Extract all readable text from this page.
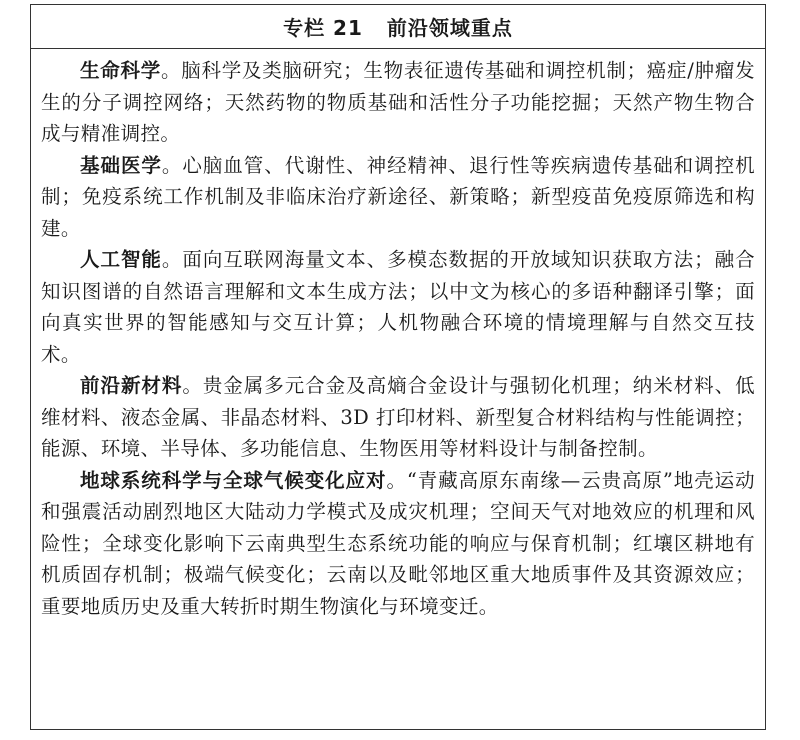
专栏 21 前沿领域重点

生命科学。脑科学及类脑研究；生物表征遗传基础和调控机制；癌症/肿瘤发生的分子调控网络；天然药物的物质基础和活性分子功能挖掘；天然产物生物合成与精准调控。

基础医学。心脑血管、代谢性、神经精神、退行性等疾病遗传基础和调控机制；免疫系统工作机制及非临床治疗新途径、新策略；新型疫苗免疫原筛选和构建。

人工智能。面向互联网海量文本、多模态数据的开放域知识获取方法；融合知识图谱的自然语言理解和文本生成方法；以中文为核心的多语种翻译引擎；面向真实世界的智能感知与交互计算；人机物融合环境的情境理解与自然交互技术。

前沿新材料。贵金属多元合金及高熵合金设计与强韧化机理；纳米材料、低维材料、液态金属、非晶态材料、3D 打印材料、新型复合材料结构与性能调控；能源、环境、半导体、多功能信息、生物医用等材料设计与制备控制。

地球系统科学与全球气候变化应对。“青藏高原东南缘—云贵高原”地壳运动和强震活动剧烈地区大陆动力学模式及成灾机理；空间天气对地效应的机理和风险性；全球变化影响下云南典型生态系统功能的响应与保育机制；红壤区耕地有机质固存机制；极端气候变化；云南以及毗邻地区重大地质事件及其资源效应；重要地质历史及重大转折时期生物演化与环境变迁。
